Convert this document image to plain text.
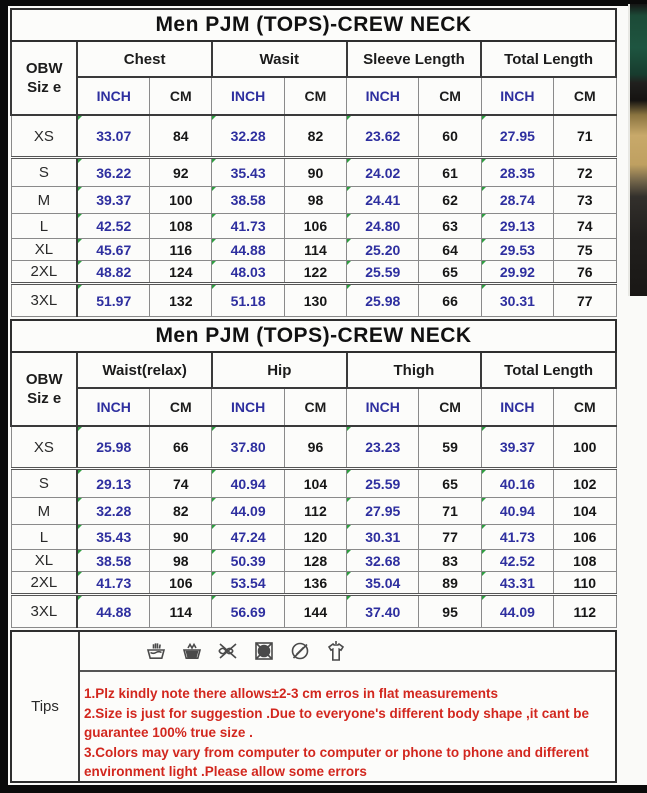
Men PJM (TOPS)-CREW NECK								
OBW
Siz e	Chest		Wasit		Sleeve Length		Total Length	
	INCH	CM	INCH	CM	INCH	CM	INCH	CM
XS	33.07	84	32.28	82	23.62	60	27.95	71
S	36.22	92	35.43	90	24.02	61	28.35	72
M	39.37	100	38.58	98	24.41	62	28.74	73
L	42.52	108	41.73	106	24.80	63	29.13	74
XL	45.67	116	44.88	114	25.20	64	29.53	75
2XL	48.82	124	48.03	122	25.59	65	29.92	76
3XL	51.97	132	51.18	130	25.98	66	30.31	77
Men PJM (TOPS)-CREW NECK								
OBW
Siz e	Waist(relax)		Hip		Thigh		Total Length	
	INCH	CM	INCH	CM	INCH	CM	INCH	CM
XS	25.98	66	37.80	96	23.23	59	39.37	100
S	29.13	74	40.94	104	25.59	65	40.16	102
M	32.28	82	44.09	112	27.95	71	40.94	104
L	35.43	90	47.24	120	30.31	77	41.73	106
XL	38.58	98	50.39	128	32.68	83	42.52	108
2XL	41.73	106	53.54	136	35.04	89	43.31	110
3XL	44.88	114	56.69	144	37.40	95	44.09	112
Tips

1.Plz kindly note there allows±2-3 cm erros in flat measurements

2.Size is just for suggestion .Due to everyone's different body shape ,it cant be guarantee 100% true size .

3.Colors may vary from computer to computer or phone to phone and different environment light .Please allow some errors
